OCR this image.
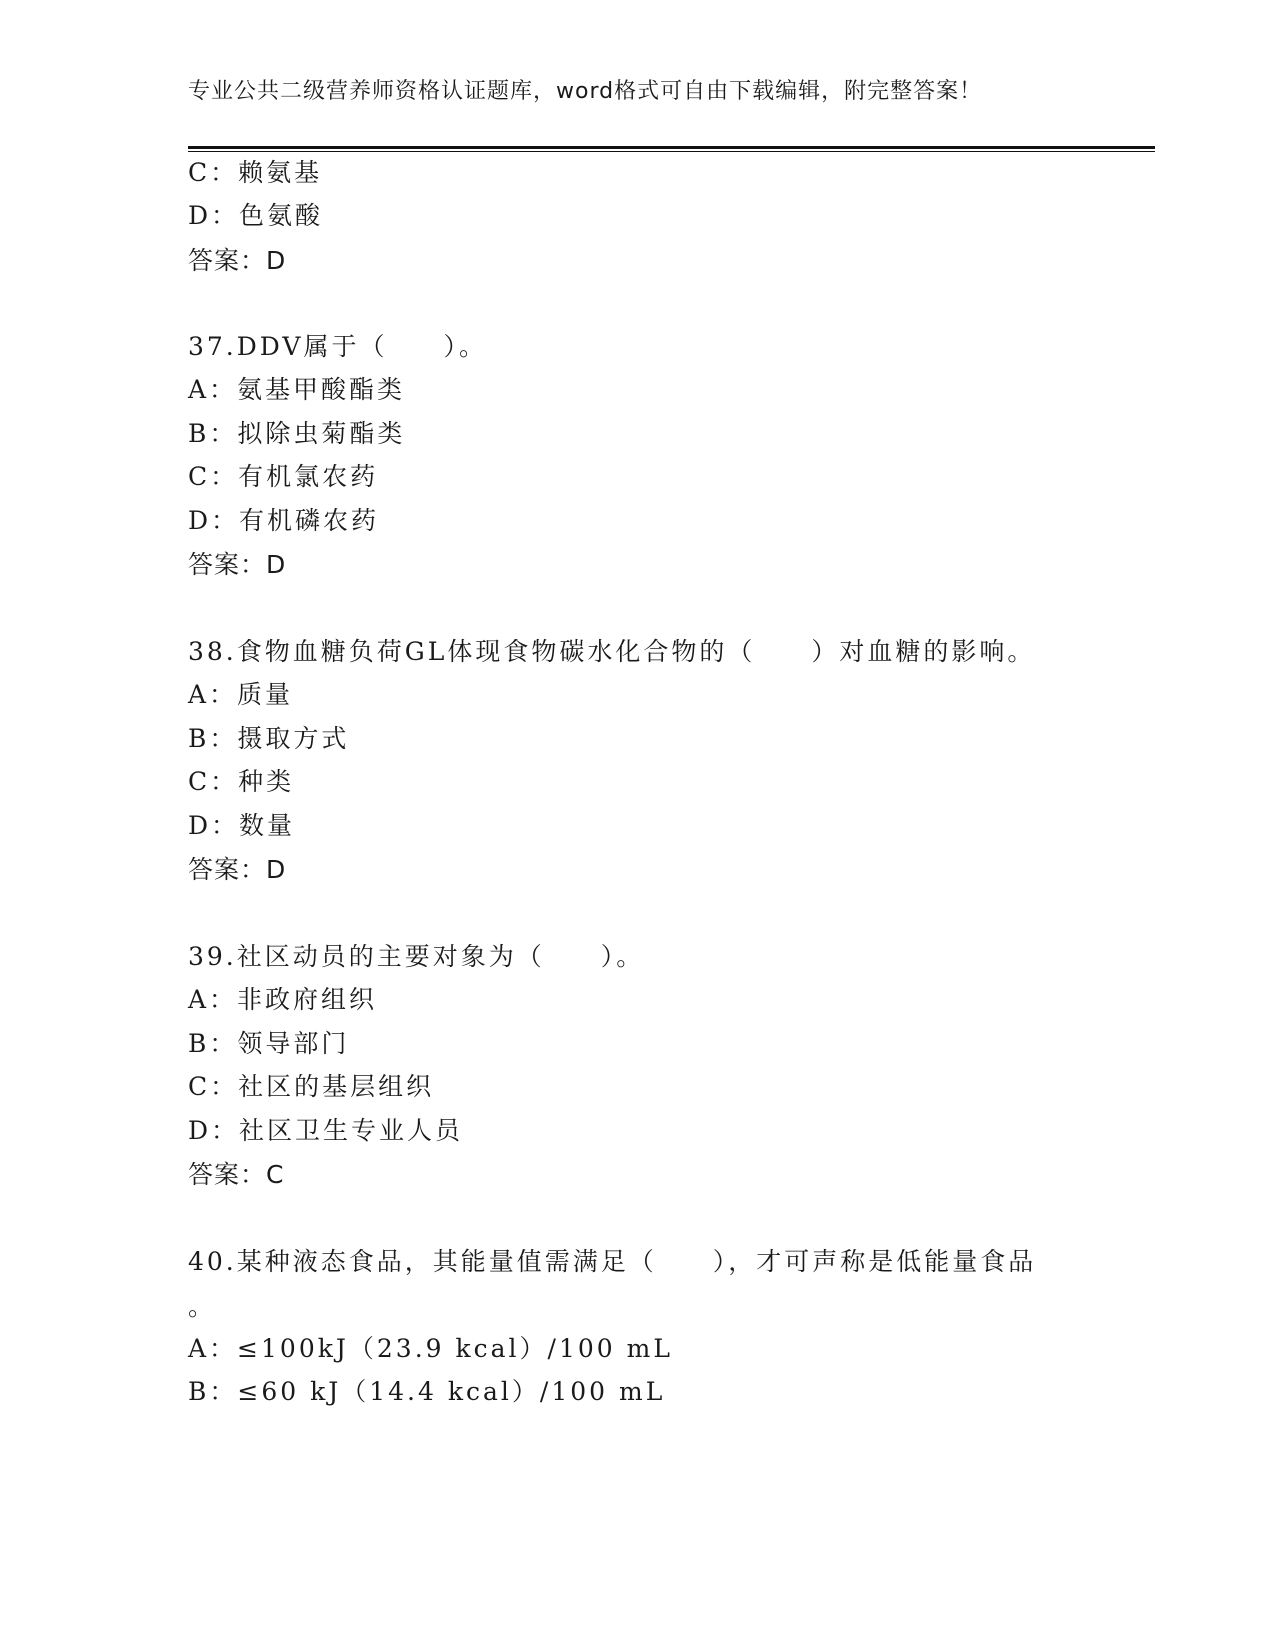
专业公共二级营养师资格认证题库，word格式可自由下载编辑，附完整答案！
C：赖氨基
D：色氨酸
答案：D
37.DDV属于（　　）。
A：氨基甲酸酯类
B：拟除虫菊酯类
C：有机氯农药
D：有机磷农药
答案：D
38.食物血糖负荷GL体现食物碳水化合物的（　　）对血糖的影响。
A：质量
B：摄取方式
C：种类
D：数量
答案：D
39.社区动员的主要对象为（　　）。
A：非政府组织
B：领导部门
C：社区的基层组织
D：社区卫生专业人员
答案：C
40.某种液态食品，其能量值需满足（　　），才可声称是低能量食品
。
A：≤100kJ（23.9 kcal）/100 mL
B：≤60 kJ（14.4 kcal）/100 mL
